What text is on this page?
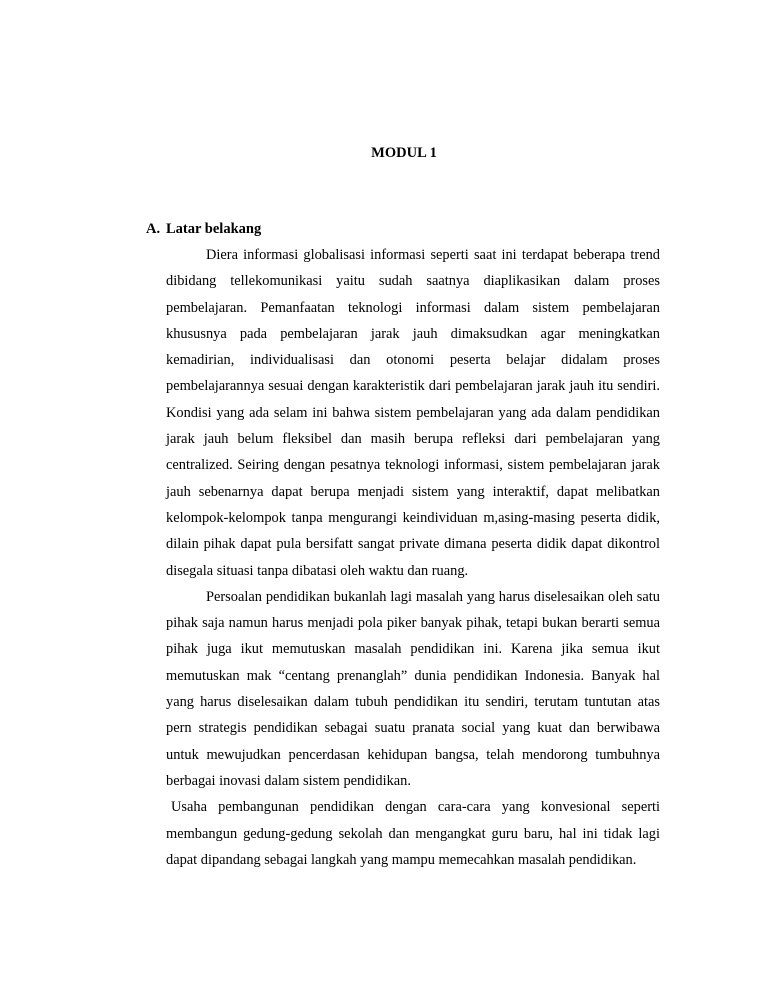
MODUL 1
A. Latar belakang

Diera informasi globalisasi informasi seperti saat ini terdapat beberapa trend dibidang tellekomunikasi yaitu sudah saatnya diaplikasikan dalam proses pembelajaran. Pemanfaatan teknologi informasi dalam sistem pembelajaran khususnya pada pembelajaran jarak jauh dimaksudkan agar meningkatkan kemadirian, individualisasi dan otonomi peserta belajar didalam proses pembelajarannya sesuai dengan karakteristik dari pembelajaran jarak jauh itu sendiri. Kondisi yang ada selam ini bahwa sistem pembelajaran yang ada dalam pendidikan jarak jauh belum fleksibel dan masih berupa refleksi dari pembelajaran yang centralized. Seiring dengan pesatnya teknologi informasi, sistem pembelajaran jarak jauh sebenarnya dapat berupa menjadi sistem yang interaktif, dapat melibatkan kelompok-kelompok tanpa mengurangi keindividuan m,asing-masing peserta didik, dilain pihak dapat pula bersifatt sangat private dimana peserta didik dapat dikontrol disegala situasi tanpa dibatasi oleh waktu dan ruang.

Persoalan pendidikan bukanlah lagi masalah yang harus diselesaikan oleh satu pihak saja namun harus menjadi pola piker banyak pihak, tetapi bukan berarti semua pihak juga ikut memutuskan masalah pendidikan ini. Karena jika semua ikut memutuskan mak “centang prenanglah” dunia pendidikan Indonesia. Banyak hal yang harus diselesaikan dalam tubuh pendidikan itu sendiri, terutam tuntutan atas pern strategis pendidikan sebagai suatu pranata social yang kuat dan berwibawa untuk mewujudkan pencerdasan kehidupan bangsa, telah mendorong tumbuhnya berbagai inovasi dalam sistem pendidikan.

Usaha pembangunan pendidikan dengan cara-cara yang konvesional seperti membangun gedung-gedung sekolah dan mengangkat guru baru, hal ini tidak lagi dapat dipandang sebagai langkah yang mampu memecahkan masalah pendidikan.
